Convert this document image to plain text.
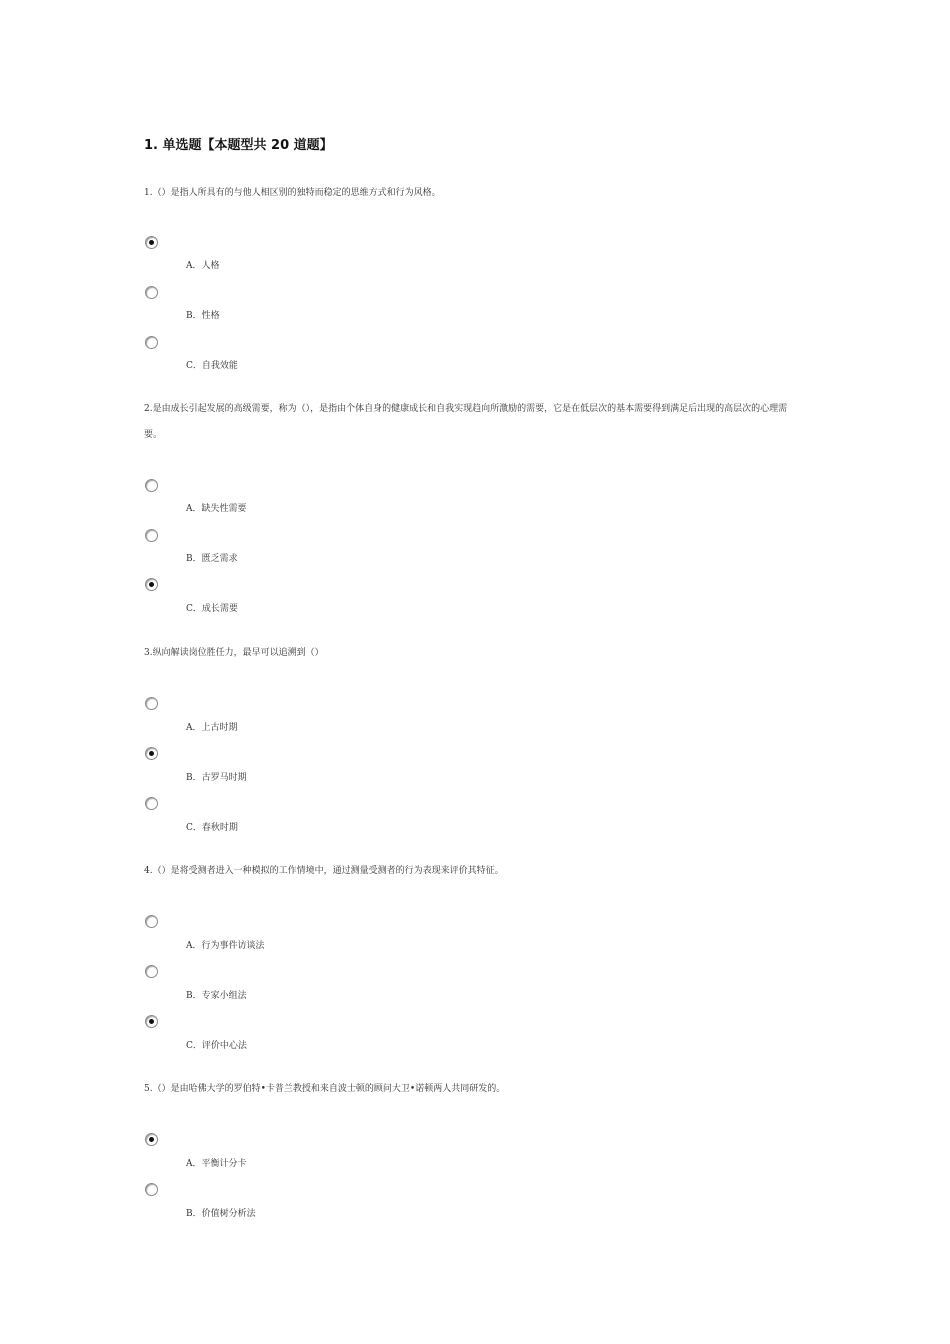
1. 单选题【本题型共 20 道题】

1.（）是指人所具有的与他人相区别的独特而稳定的思维方式和行为风格。

A．人格
B．性格
C．自我效能

2.是由成长引起发展的高级需要，称为（），是指由个体自身的健康成长和自我实现趋向所激励的需要，它是在低层次的基本需要得到满足后出现的高层次的心理需要。

A．缺失性需要
B．匮乏需求
C．成长需要

3.纵向解读岗位胜任力，最早可以追溯到（）

A．上古时期
B．古罗马时期
C．春秋时期

4.（）是将受测者进入一种模拟的工作情境中，通过测量受测者的行为表现来评价其特征。

A．行为事件访谈法
B．专家小组法
C．评价中心法

5.（）是由哈佛大学的罗伯特•卡普兰教授和来自波士顿的顾问大卫•诺顿两人共同研发的。

A．平衡计分卡
B．价值树分析法
